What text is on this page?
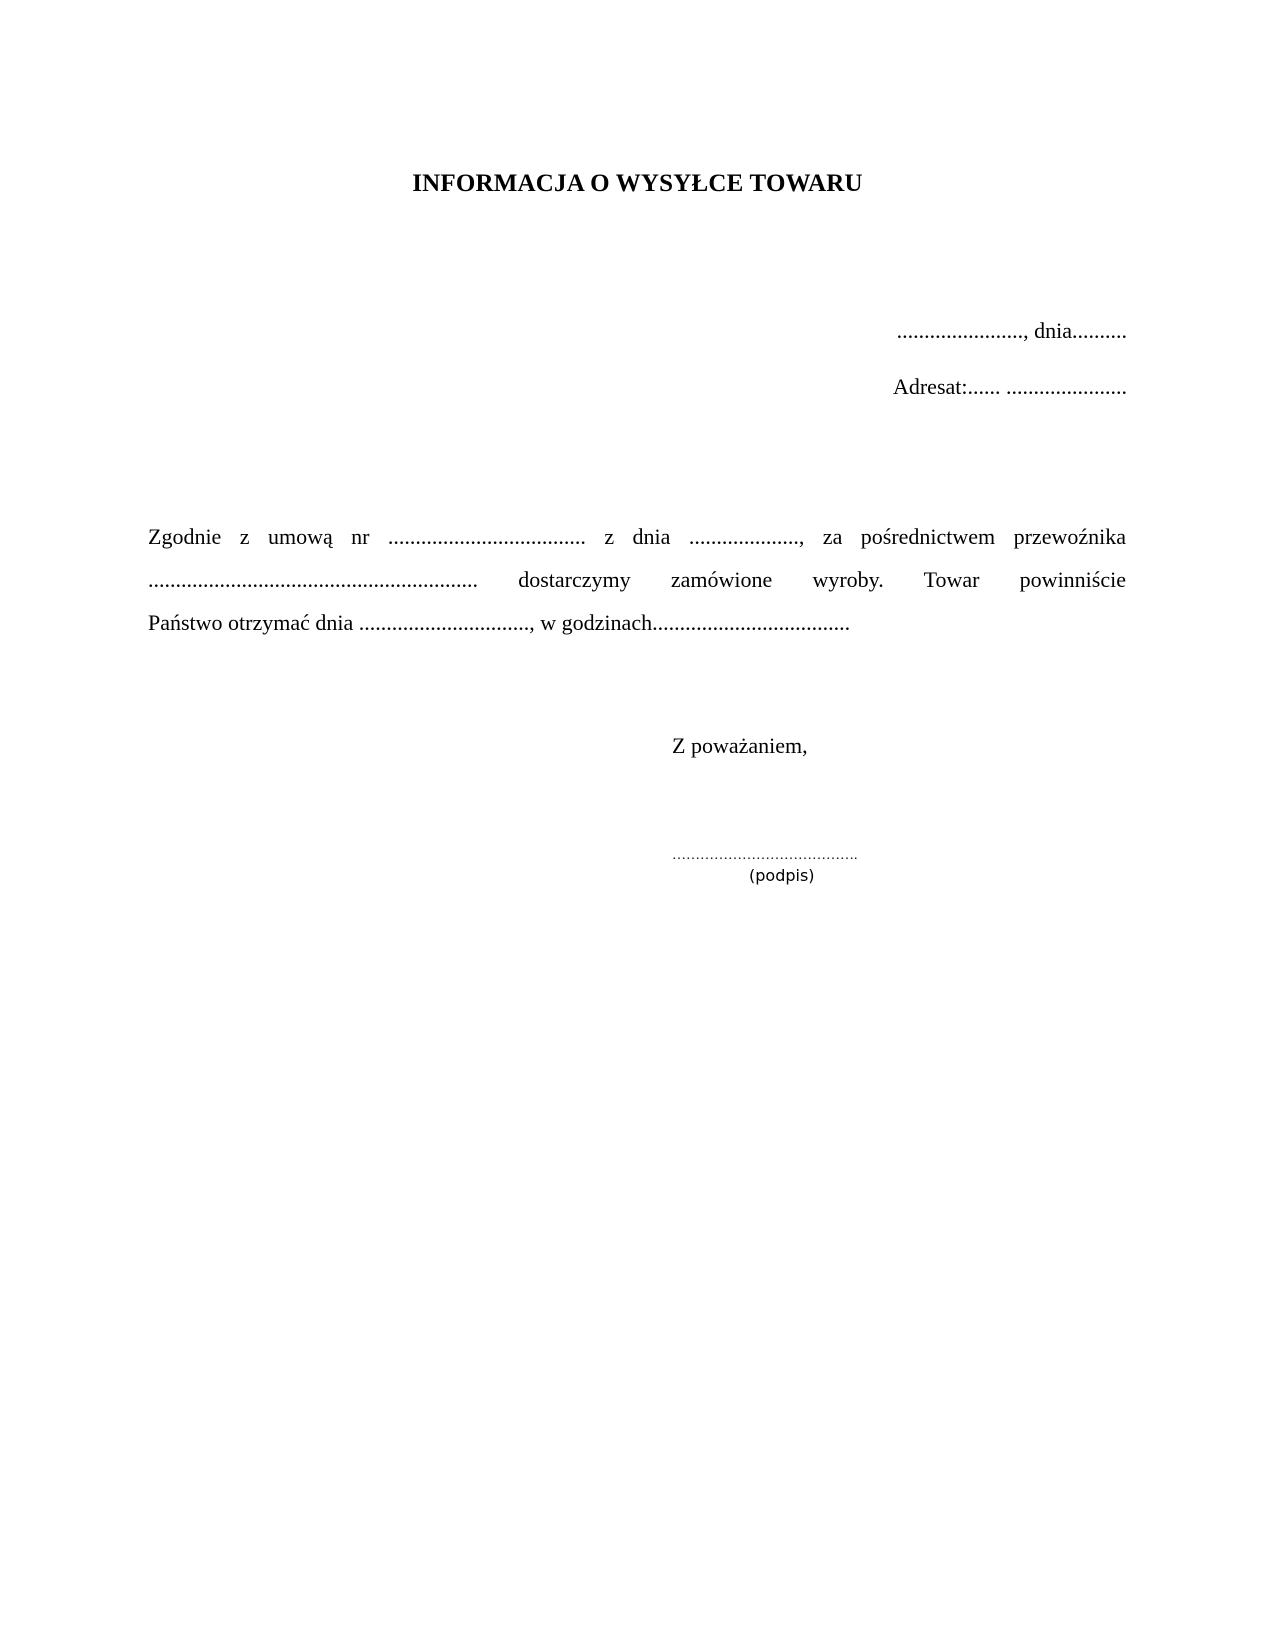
INFORMACJA O WYSYŁCE TOWARU
......................., dnia..........
Adresat:...... ......................
Zgodnie z umową nr .................................... z dnia ...................., za pośrednictwem przewoźnika
............................................................ dostarczymy zamówione wyroby. Towar powinniście
Państwo otrzymać dnia ..............................., w godzinach....................................
Z poważaniem,
………………………………….
(podpis)
